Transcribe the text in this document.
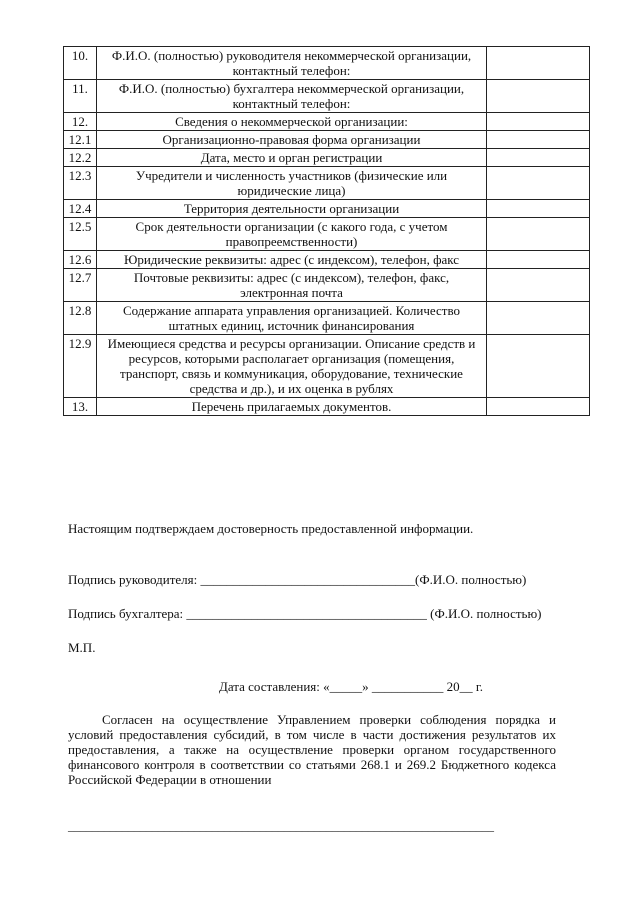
10.	Ф.И.О. (полностью) руководителя некоммерческой организации, контактный телефон:	
11.	Ф.И.О. (полностью) бухгалтера некоммерческой организации, контактный телефон:	
12.	Сведения о некоммерческой организации:	
12.1	Организационно-правовая форма организации	
12.2	Дата, место и орган регистрации	
12.3	Учредители и численность участников (физические или юридические лица)	
12.4	Территория деятельности организации	
12.5	Срок деятельности организации (с какого года, с учетом правопреемственности)	
12.6	Юридические реквизиты: адрес (с индексом), телефон, факс	
12.7	Почтовые реквизиты: адрес (с индексом), телефон, факс, электронная почта	
12.8	Содержание аппарата управления организацией. Количество штатных единиц, источник финансирования	
12.9	Имеющиеся средства и ресурсы организации. Описание средств и ресурсов, которыми располагает организация (помещения, транспорт, связь и коммуникация, оборудование, технические средства и др.), и их оценка в рублях	
13.	Перечень прилагаемых документов.	
Настоящим подтверждаем достоверность предоставленной информации.
Подпись руководителя: _________________________________(Ф.И.О. полностью)
Подпись бухгалтера: _____________________________________ (Ф.И.О. полностью)
М.П.
Дата составления: «_____» ___________ 20__ г.
Согласен на осуществление Управлением проверки соблюдения порядка и условий предоставления субсидий, в том числе в части достижения результатов их предоставления, а также на осуществление проверки органом государственного финансового контроля в соответствии со статьями 268.1 и 269.2 Бюджетного кодекса Российской Федерации в отношении
_______________________________________________________________________
